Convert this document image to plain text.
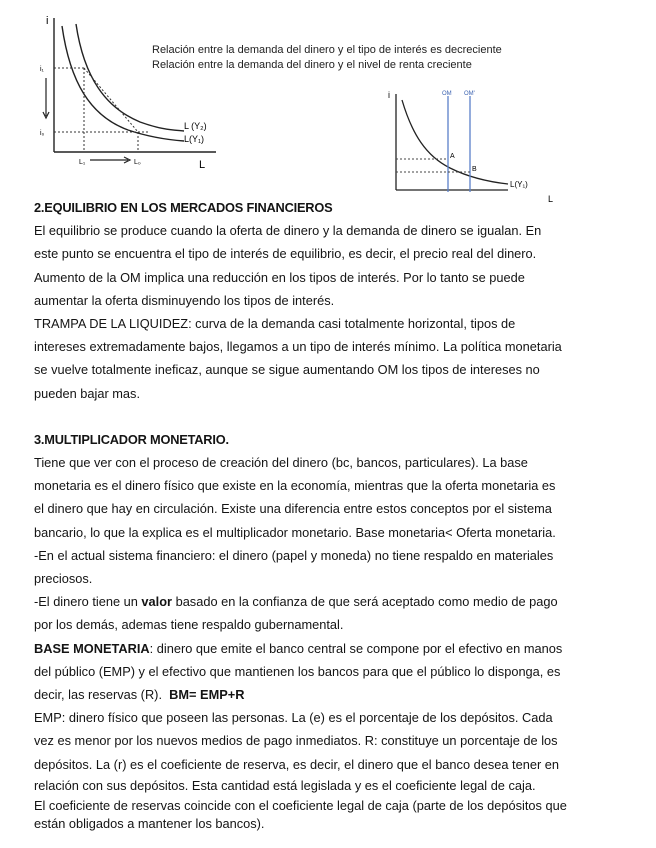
i
L
i₁
i₀
L₁	L₀
L (Y₂)
L(Y₁)
Relación entre la demanda del dinero y el tipo de interés es decreciente
Relación entre la demanda del dinero y el nivel de renta creciente
i
L
OM OM'
A
B
L(Y₁)

2.EQUILIBRIO EN LOS MERCADOS FINANCIEROS

El equilibrio se produce cuando la oferta de dinero y la demanda de dinero se igualan. En

este punto se encuentra el tipo de interés de equilibrio, es decir, el precio real del dinero.

Aumento de la OM implica una reducción en los tipos de interés. Por lo tanto se puede

aumentar la oferta disminuyendo los tipos de interés.

TRAMPA DE LA LIQUIDEZ: curva de la demanda casi totalmente horizontal, tipos de

intereses extremadamente bajos, llegamos a un tipo de interés mínimo. La política monetaria

se vuelve totalmente ineficaz, aunque se sigue aumentando OM los tipos de intereses no

pueden bajar mas.

3.MULTIPLICADOR MONETARIO.

Tiene que ver con el proceso de creación del dinero (bc, bancos, particulares). La base

monetaria es el dinero físico que existe en la economía, mientras que la oferta monetaria es

el dinero que hay en circulación. Existe una diferencia entre estos conceptos por el sistema

bancario, lo que la explica es el multiplicador monetario. Base monetaria< Oferta monetaria.

-En el actual sistema financiero: el dinero (papel y moneda) no tiene respaldo en materiales

preciosos.

-El dinero tiene un valor basado en la confianza de que será aceptado como medio de pago

por los demás, ademas tiene respaldo gubernamental.

BASE MONETARIA: dinero que emite el banco central se compone por el efectivo en manos

del público (EMP) y el efectivo que mantienen los bancos para que el público lo disponga, es

decir, las reservas (R). BM= EMP+R

EMP: dinero físico que poseen las personas. La (e) es el porcentaje de los depósitos. Cada

vez es menor por los nuevos medios de pago inmediatos. R: constituye un porcentaje de los

depósitos. La (r) es el coeficiente de reserva, es decir, el dinero que el banco desea tener en

relación con sus depósitos. Esta cantidad está legislada y es el coeficiente legal de caja.

El coeficiente de reservas coincide con el coeficiente legal de caja (parte de los depósitos que

están obligados a mantener los bancos).
